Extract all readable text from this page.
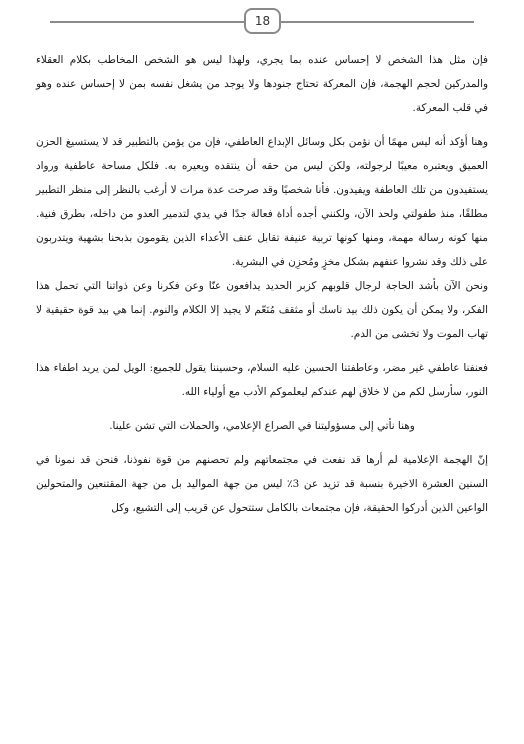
18

فإن مثل هذا الشخص لا إحساس عنده بما يجري، ولهذا ليس هو الشخص المخاطب بكلام العقلاء والمدركين لحجم الهجمة، فإن المعركة تحتاج جنودها ولا يوجد من يشغل نفسه بمن لا إحساس عنده وهو في قلب المعركة.

وهنا أؤكد أنه ليس مهمًا أن نؤمن بكل وسائل الإبداع العاطفي، فإن من يؤمن بالتطبير قد لا يستسيغ الحزن العميق ويعتبره معيبًا لرجولته، ولكن ليس من حقه أن ينتقده ويعيره به. فلكل مساحة عاطفية ورواد يستفيدون من تلك العاطفة ويفيدون. فأنا شخصيًا وقد صرحت عدة مرات لا أرغب بالنظر إلى منظر التطبير مطلقًا، منذ طفولتي ولحد الآن، ولكنني أجده أداة فعالة جدًا في يدي لتدمير العدو من داخله، بطرق فنية. منها كونه رسالة مهمة، ومنها كونها تربية عنيفة تقابل عنف الأعداء الذين يقومون بذبحنا بشهية ويتدربون على ذلك وقد نشروا عنفهم بشكل مخزٍ ومُحزِن في البشرية.

ونحن الآن بأشد الحاجة لرجال قلوبهم كزبر الحديد يدافعون عنّا وعن فكرنا وعن ذواتنا التي تحمل هذا الفكر، ولا يمكن أن يكون ذلك بيد ناسك أو مثقف مُنَعّم لا يجيد إلا الكلام والنوم. إنما هي بيد قوة حقيقية لا تهاب الموت ولا تخشى من الدم.

فعنفنا عاطفي غير مضر، وعاطفتنا الحسين عليه السلام، وحسيننا يقول للجميع: الويل لمن يريد اطفاء هذا النور، سأرسل لكم من لا خلاق لهم عندكم ليعلموكم الأدب مع أولياء الله.

وهنا نأتي إلى مسؤوليتنا في الصراع الإعلامي، والحملات التي تشن علينا.

إنّ الهجمة الإعلامية لم أرها قد نفعت في مجتمعاتهم ولم تحصنهم من قوة نفوذنا، فنحن قد نمونا في السنين العشرة الاخيرة بنسبة قد تزيد عن 3٪ ليس من جهة المواليد بل من جهة المقتنعين والمتحولين الواعين الذين أدركوا الحقيقة، فإن مجتمعات بالكامل ستتحول عن قريب إلى التشيع، وكل
